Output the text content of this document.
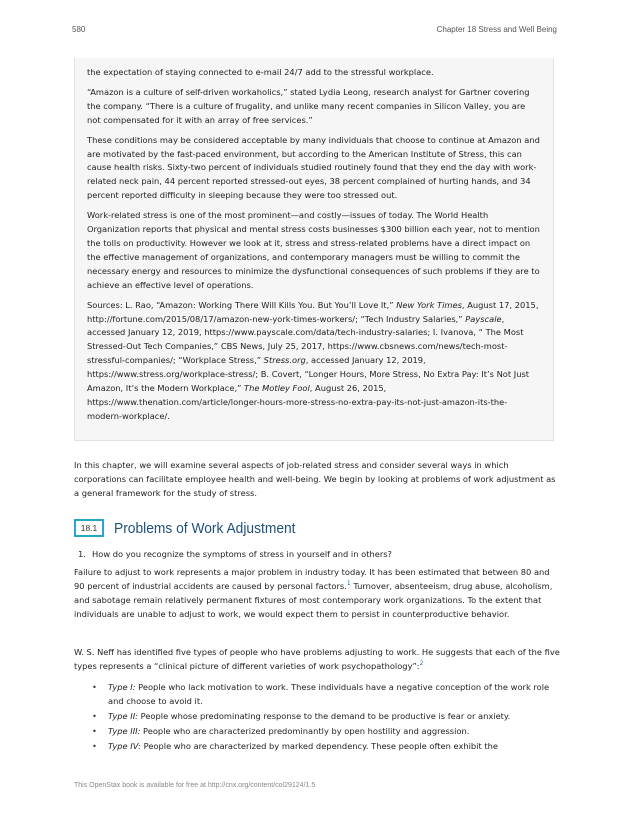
580	Chapter 18 Stress and Well Being

the expectation of staying connected to e-mail 24/7 add to the stressful workplace.

“Amazon is a culture of self-driven workaholics,” stated Lydia Leong, research analyst for Gartner covering the company. “There is a culture of frugality, and unlike many recent companies in Silicon Valley, you are not compensated for it with an array of free services.”

These conditions may be considered acceptable by many individuals that choose to continue at Amazon and are motivated by the fast-paced environment, but according to the American Institute of Stress, this can cause health risks. Sixty-two percent of individuals studied routinely found that they end the day with work-related neck pain, 44 percent reported stressed-out eyes, 38 percent complained of hurting hands, and 34 percent reported difficulty in sleeping because they were too stressed out.

Work-related stress is one of the most prominent—and costly—issues of today. The World Health Organization reports that physical and mental stress costs businesses $300 billion each year, not to mention the tolls on productivity. However we look at it, stress and stress-related problems have a direct impact on the effective management of organizations, and contemporary managers must be willing to commit the necessary energy and resources to minimize the dysfunctional consequences of such problems if they are to achieve an effective level of operations.

Sources: L. Rao, “Amazon: Working There Will Kills You. But You’ll Love It,” New York Times, August 17, 2015, http://fortune.com/2015/08/17/amazon-new-york-times-workers/; “Tech Industry Salaries,” Payscale, accessed January 12, 2019, https://www.payscale.com/data/tech-industry-salaries; I. Ivanova, “ The Most Stressed-Out Tech Companies,” CBS News, July 25, 2017, https://www.cbsnews.com/news/tech-most-stressful-companies/; “Workplace Stress,” Stress.org, accessed January 12, 2019, https://www.stress.org/workplace-stress/; B. Covert, “Longer Hours, More Stress, No Extra Pay: It’s Not Just Amazon, It’s the Modern Workplace,” The Motley Fool, August 26, 2015, https://www.thenation.com/article/longer-hours-more-stress-no-extra-pay-its-not-just-amazon-its-the-modern-workplace/.

In this chapter, we will examine several aspects of job-related stress and consider several ways in which corporations can facilitate employee health and well-being. We begin by looking at problems of work adjustment as a general framework for the study of stress.

18.1	Problems of Work Adjustment
1. How do you recognize the symptoms of stress in yourself and in others?

Failure to adjust to work represents a major problem in industry today. It has been estimated that between 80 and 90 percent of industrial accidents are caused by personal factors.$^1$ Turnover, absenteeism, drug abuse, alcoholism, and sabotage remain relatively permanent fixtures of most contemporary work organizations. To the extent that individuals are unable to adjust to work, we would expect them to persist in counterproductive behavior.

W. S. Neff has identified five types of people who have problems adjusting to work. He suggests that each of the five types represents a “clinical picture of different varieties of work psychopathology”:$^2$

• Type I: People who lack motivation to work. These individuals have a negative conception of the work role and choose to avoid it.
• Type II: People whose predominating response to the demand to be productive is fear or anxiety.
• Type III: People who are characterized predominantly by open hostility and aggression.
• Type IV: People who are characterized by marked dependency. These people often exhibit the
This OpenStax book is available for free at http://cnx.org/content/col29124/1.5
